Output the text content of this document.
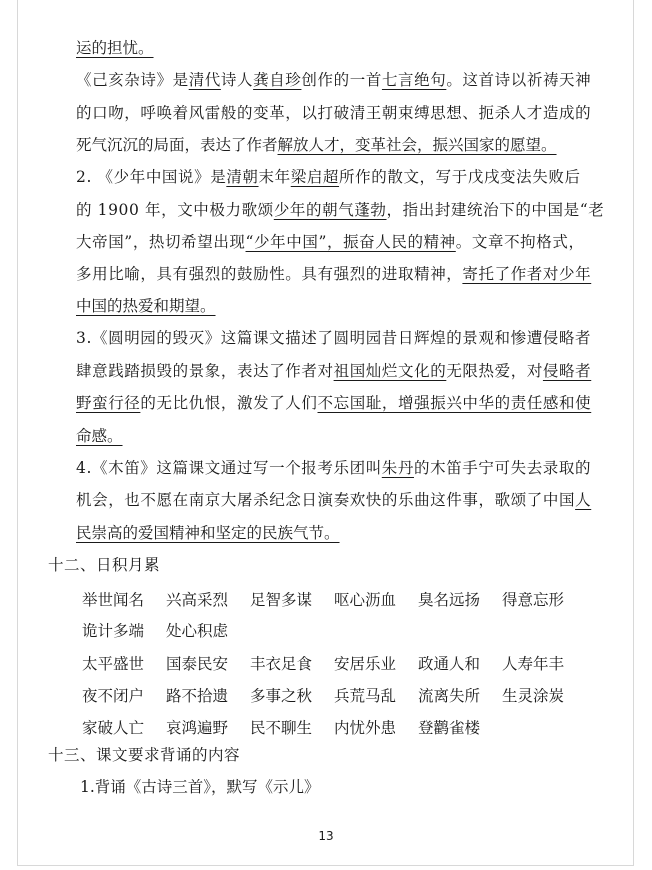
运的担忧。
《己亥杂诗》是清代诗人龚自珍创作的一首七言绝句。这首诗以祈祷天神
的口吻，呼唤着风雷般的变革，以打破清王朝束缚思想、扼杀人才造成的
死气沉沉的局面，表达了作者解放人才，变革社会，振兴国家的愿望。
2. 《少年中国说》是清朝末年梁启超所作的散文，写于戊戌变法失败后
的 1900 年，文中极力歌颂少年的朝气蓬勃，指出封建统治下的中国是“老
大帝国”，热切希望出现“少年中国”，振奋人民的精神。文章不拘格式，
多用比喻，具有强烈的鼓励性。具有强烈的进取精神，寄托了作者对少年
中国的热爱和期望。
3.《圆明园的毁灭》这篇课文描述了圆明园昔日辉煌的景观和惨遭侵略者
肆意践踏损毁的景象，表达了作者对祖国灿烂文化的无限热爱，对侵略者
野蛮行径的无比仇恨，激发了人们不忘国耻，增强振兴中华的责任感和使
命感。
4.《木笛》这篇课文通过写一个报考乐团叫朱丹的木笛手宁可失去录取的
机会，也不愿在南京大屠杀纪念日演奏欢快的乐曲这件事，歌颂了中国人
民崇高的爱国精神和坚定的民族气节。
十二、日积月累
举世闻名 兴高采烈 足智多谋 呕心沥血 臭名远扬 得意忘形
诡计多端 处心积虑
太平盛世 国泰民安 丰衣足食 安居乐业 政通人和 人寿年丰
夜不闭户 路不拾遗 多事之秋 兵荒马乱 流离失所 生灵涂炭
家破人亡 哀鸿遍野 民不聊生 内忧外患 登鹳雀楼
十三、课文要求背诵的内容
1.背诵《古诗三首》，默写《示儿》
13
